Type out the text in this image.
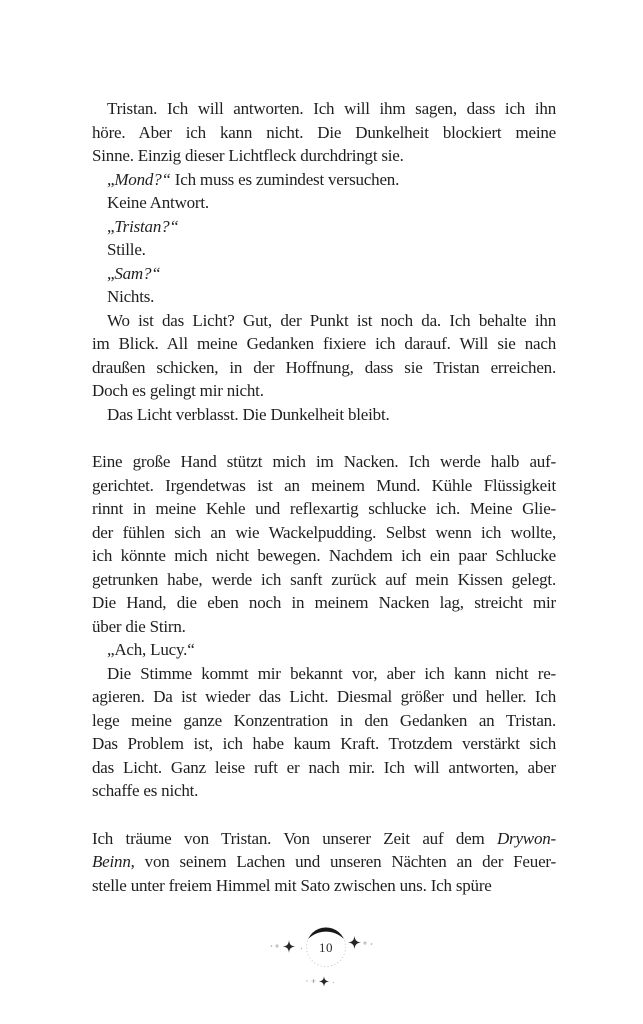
Tristan. Ich will antworten. Ich will ihm sagen, dass ich ihn
höre. Aber ich kann nicht. Die Dunkelheit blockiert meine
Sinne. Einzig dieser Lichtfleck durchdringt sie.
„Mond?“ Ich muss es zumindest versuchen.
Keine Antwort.
„Tristan?“
Stille.
„Sam?“
Nichts.
Wo ist das Licht? Gut, der Punkt ist noch da. Ich behalte ihn
im Blick. All meine Gedanken fixiere ich darauf. Will sie nach
draußen schicken, in der Hoffnung, dass sie Tristan erreichen.
Doch es gelingt mir nicht.
Das Licht verblasst. Die Dunkelheit bleibt.
Eine große Hand stützt mich im Nacken. Ich werde halb auf-
gerichtet. Irgendetwas ist an meinem Mund. Kühle Flüssigkeit
rinnt in meine Kehle und reflexartig schlucke ich. Meine Glie-
der fühlen sich an wie Wackelpudding. Selbst wenn ich wollte,
ich könnte mich nicht bewegen. Nachdem ich ein paar Schlucke
getrunken habe, werde ich sanft zurück auf mein Kissen gelegt.
Die Hand, die eben noch in meinem Nacken lag, streicht mir
über die Stirn.
„Ach, Lucy.“
Die Stimme kommt mir bekannt vor, aber ich kann nicht re-
agieren. Da ist wieder das Licht. Diesmal größer und heller. Ich
lege meine ganze Konzentration in den Gedanken an Tristan.
Das Problem ist, ich habe kaum Kraft. Trotzdem verstärkt sich
das Licht. Ganz leise ruft er nach mir. Ich will antworten, aber
schaffe es nicht.
Ich träume von Tristan. Von unserer Zeit auf dem Drywon-
Beinn, von seinem Lachen und unseren Nächten an der Feuer-
stelle unter freiem Himmel mit Sato zwischen uns. Ich spüre
10
